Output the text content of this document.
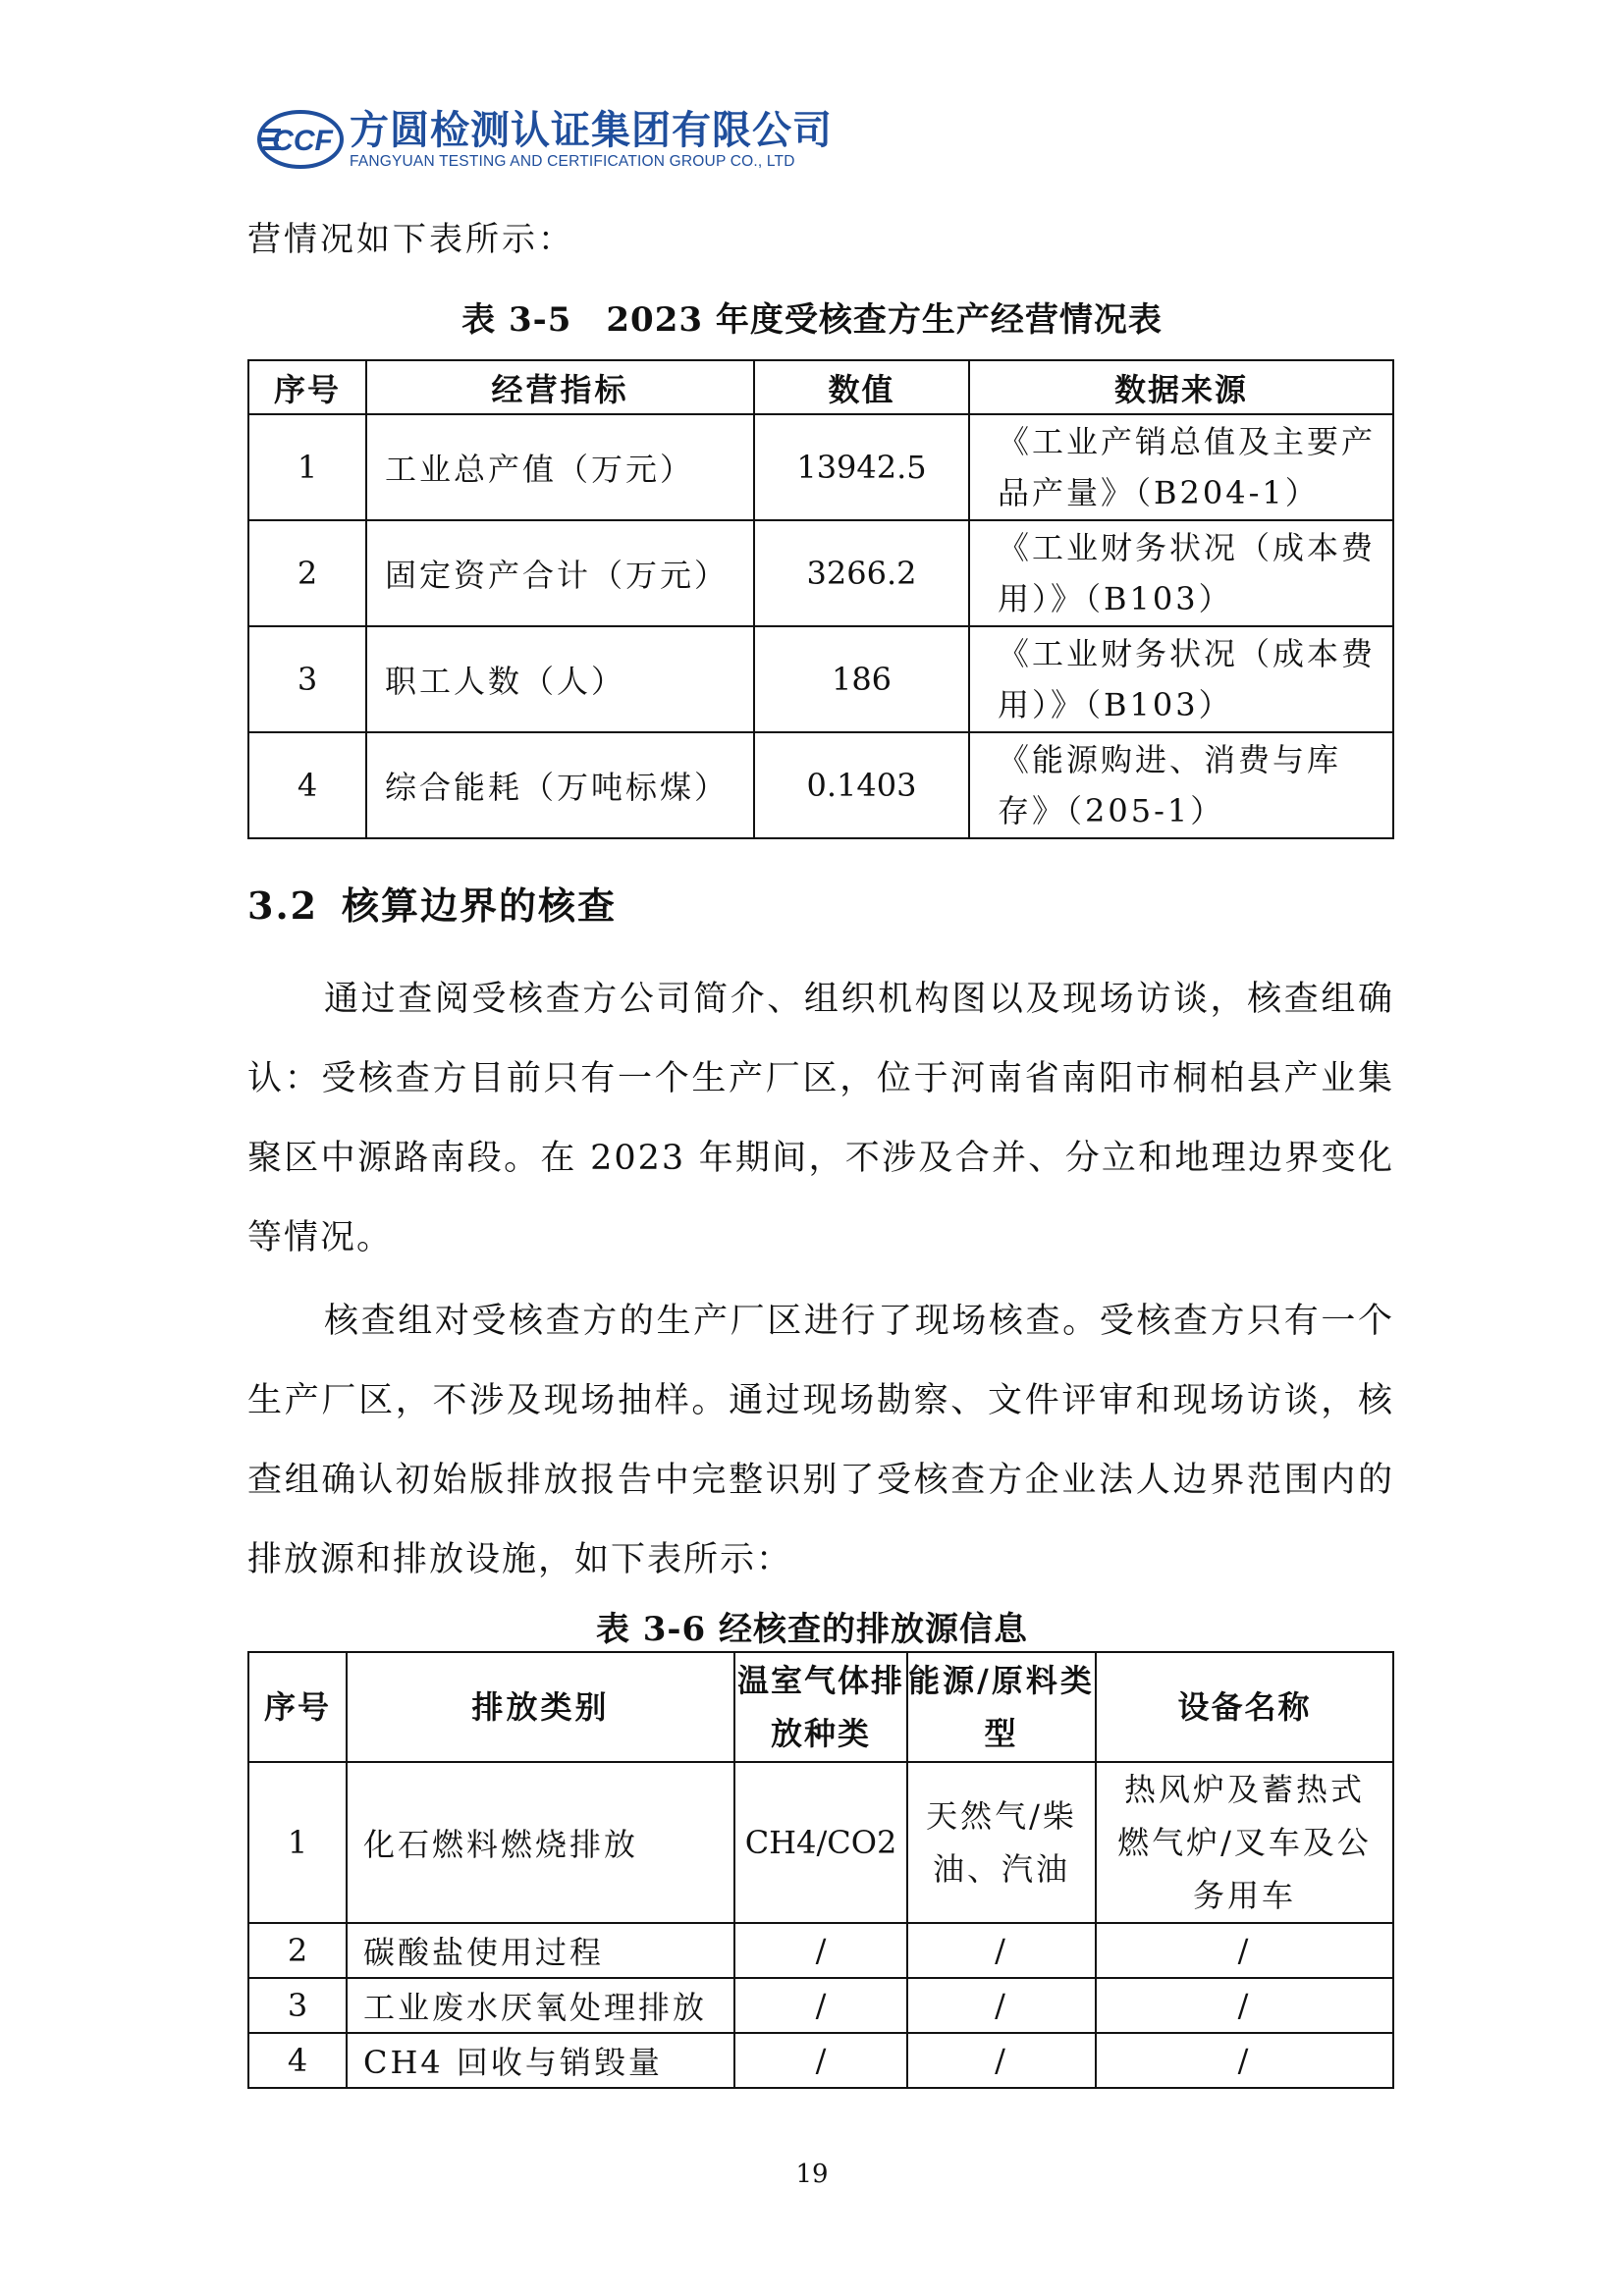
CCF 方圆检测认证集团有限公司
FANGYUAN TESTING AND CERTIFICATION GROUP CO., LTD
营情况如下表所示：
表 3-5　2023 年度受核查方生产经营情况表
序号	经营指标	数值	数据来源
1	工业总产值（万元）	13942.5	《工业产销总值及主要产品产量》（B204-1）
2	固定资产合计（万元）	3266.2	《工业财务状况（成本费用）》（B103）
3	职工人数（人）	186	《工业财务状况（成本费用）》（B103）
4	综合能耗（万吨标煤）	0.1403	《能源购进、消费与库存》（205-1）
3.2 核算边界的核查

通过查阅受核查方公司简介、组织机构图以及现场访谈，核查组确认：受核查方目前只有一个生产厂区，位于河南省南阳市桐柏县产业集聚区中源路南段。在 2023 年期间，不涉及合并、分立和地理边界变化等情况。

核查组对受核查方的生产厂区进行了现场核查。受核查方只有一个生产厂区，不涉及现场抽样。通过现场勘察、文件评审和现场访谈，核查组确认初始版排放报告中完整识别了受核查方企业法人边界范围内的排放源和排放设施，如下表所示：

表 3-6 经核查的排放源信息
序号	排放类别	温室气体排放种类	能源/原料类型	设备名称
1	化石燃料燃烧排放	CH4/CO2	天然气/柴油、汽油	热风炉及蓄热式燃气炉/叉车及公务用车
2	碳酸盐使用过程	/	/	/
3	工业废水厌氧处理排放	/	/	/
4	CH4 回收与销毁量	/	/	/
19
